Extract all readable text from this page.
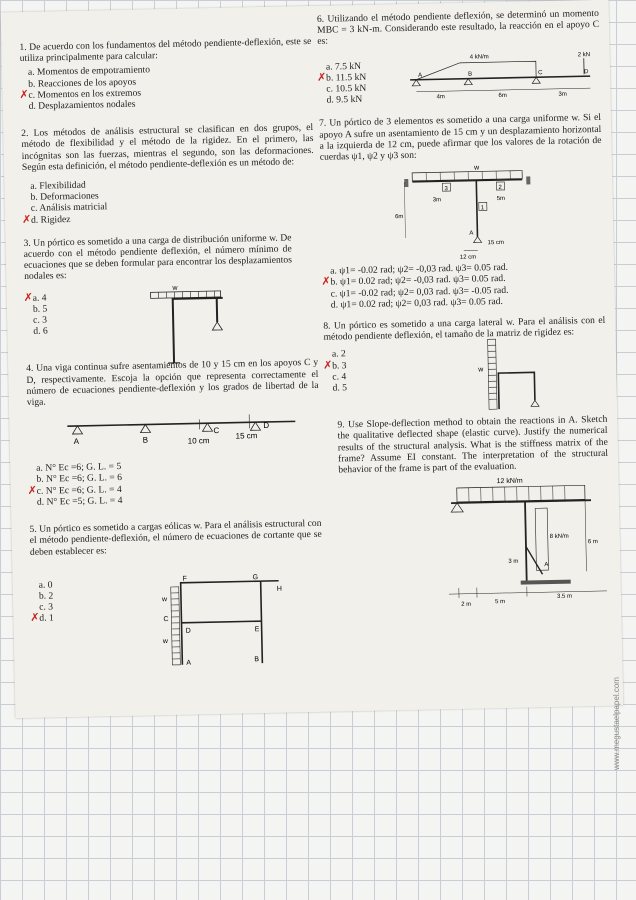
1. De acuerdo con los fundamentos del método pendiente-deflexión, este se utiliza principalmente para calcular:

a. Momentos de empotramiento
b. Reacciones de los apoyos
✗ c. Momentos en los extremos
d. Desplazamientos nodales

2. Los métodos de análisis estructural se clasifican en dos grupos, el método de flexibilidad y el método de la rigidez. En el primero, las incógnitas son las fuerzas, mientras el segundo, son las deformaciones. Según esta definición, el método pendiente-deflexión es un método de:

a. Flexibilidad
b. Deformaciones
c. Análisis matricial
✗ d. Rigidez

3. Un pórtico es sometido a una carga de distribución uniforme w. De acuerdo con el método pendiente deflexión, el número mínimo de ecuaciones que se deben formular para encontrar los desplazamientos nodales es:

✗ a. 4
b. 5
c. 3
d. 6
w

4. Una viga continua sufre asentamientos de 10 y 15 cm en los apoyos C y D, respectivamente. Escoja la opción que representa correctamente el número de ecuaciones pendiente-deflexión y los grados de libertad de la viga.

A	B
C
D
10 cm
15 cm
a. N° Ec =6; G. L. = 5
b. N° Ec =6; G. L. = 6
✗ c. N° Ec =6; G. L. = 4
d. N° Ec =5; G. L. = 4

5. Un pórtico es sometido a cargas eólicas w. Para el análisis estructural con el método pendiente-deflexión, el número de ecuaciones de cortante que se deben establecer es:

a. 0
b. 2
c. 3
✗ d. 1
w
w
F	G
H
C
D	E
A	B

6. Utilizando el método pendiente deflexión, se determinó un momento MBC = 3 kN-m. Considerando este resultado, la reacción en el apoyo C es:

a. 7.5 kN
✗ b. 11.5 kN
c. 10.5 kN
d. 9.5 kN
4 kN/m	2 kN
A	B	C	D
4m	6m	3m

7. Un pórtico de 3 elementos es sometido a una carga uniforme w. Si el apoyo A sufre un asentamiento de 15 cm y un desplazamiento horizontal a la izquierda de 12 cm, puede afirmar que los valores de la rotación de cuerdas ψ1, ψ2 y ψ3 son:

w
3	2
1
3m	5m
6m
A
15 cm
12 cm
a. ψ1= -0.02 rad; ψ2= -0,03 rad. ψ3= 0.05 rad.
✗ b. ψ1= 0.02 rad; ψ2= -0,03 rad. ψ3= 0.05 rad.
c. ψ1= -0.02 rad; ψ2= 0,03 rad. ψ3= -0.05 rad.
d. ψ1= 0.02 rad; ψ2= 0,03 rad. ψ3= 0.05 rad.

8. Un pórtico es sometido a una carga lateral w. Para el análisis con el método pendiente deflexión, el tamaño de la matriz de rigidez es:

a. 2
✗ b. 3
c. 4
d. 5
w

9. Use Slope-deflection method to obtain the reactions in A. Sketch the qualitative deflected shape (elastic curve). Justify the numerical results of the structural analysis. What is the stiffness matrix of the frame? Assume EI constant. The interpretation of the structural behavior of the frame is part of the evaluation.

12 kN/m
8 kN/m
6 m
3 m
A
2 m	5 m
3.5 m
www.megustaelpapel.com
